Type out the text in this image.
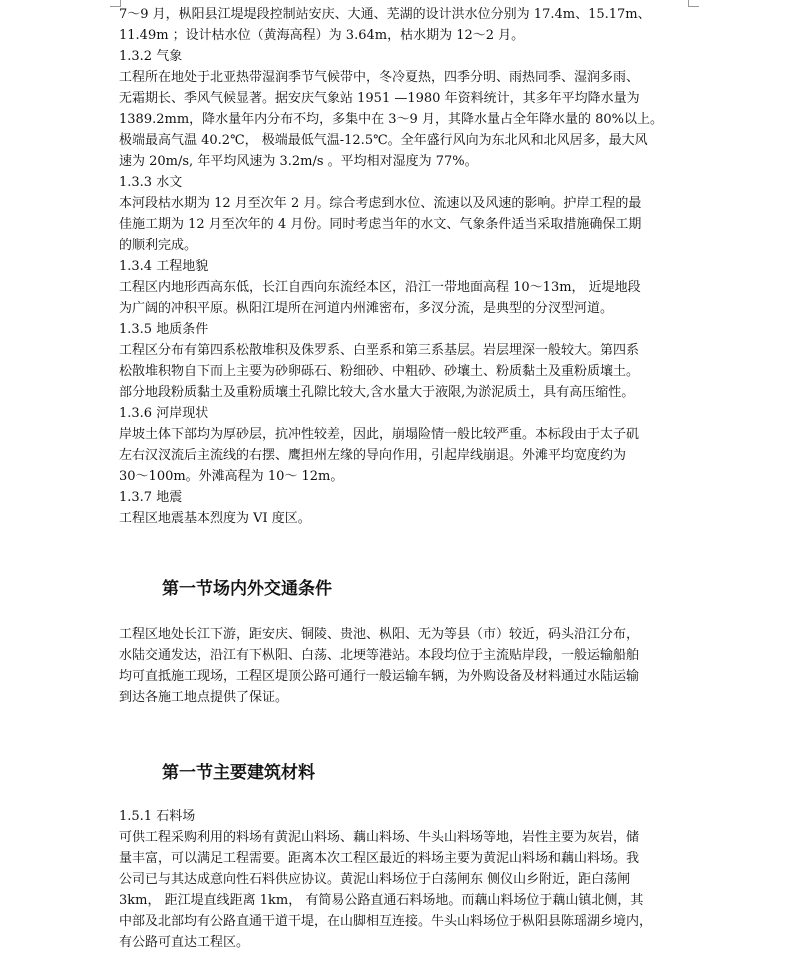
7～9 月，枞阳县江堤堤段控制站安庆、大通、芜湖的设计洪水位分别为 17.4m、15.17m、
11.49m ；设计枯水位（黄海高程）为 3.64m，枯水期为 12～2 月。
1.3.2 气象
工程所在地处于北亚热带湿润季节气候带中，冬冷夏热，四季分明、雨热同季、湿润多雨、
无霜期长、季风气候显著。据安庆气象站 1951 —1980 年资料统计，其多年平均降水量为
1389.2mm，降水量年内分布不均，多集中在 3～9 月，其降水量占全年降水量的 80%以上。
极端最高气温 40.2℃， 极端最低气温-12.5℃。全年盛行风向为东北风和北风居多，最大风
速为 20m/s, 年平均风速为 3.2m/s 。平均相对湿度为 77%。
1.3.3 水文
本河段枯水期为 12 月至次年 2 月。综合考虑到水位、流速以及风速的影响。护岸工程的最
佳施工期为 12 月至次年的 4 月份。同时考虑当年的水文、气象条件适当采取措施确保工期
的顺利完成。
1.3.4 工程地貌
工程区内地形西高东低，长江自西向东流经本区，沿江一带地面高程 10～13m， 近堤地段
为广阔的冲积平原。枞阳江堤所在河道内州滩密布，多汊分流，是典型的分汊型河道。
1.3.5 地质条件
工程区分布有第四系松散堆积及侏罗系、白垩系和第三系基层。岩层埋深一般较大。第四系
松散堆积物自下而上主要为砂卵砾石、粉细砂、中粗砂、砂壤土、粉质黏土及重粉质壤土。
部分地段粉质黏土及重粉质壤土孔隙比较大,含水量大于液限,为淤泥质土，具有高压缩性。
1.3.6 河岸现状
岸坡土体下部均为厚砂层，抗冲性较差，因此，崩塌险情一般比较严重。本标段由于太子矶
左右汉汊流后主流线的右摆、鹰担州左缘的导向作用，引起岸线崩退。外滩平均宽度约为
30～100m。外滩高程为 10～ 12m。
1.3.7 地震
工程区地震基本烈度为 VI 度区。
第一节场内外交通条件
工程区地处长江下游，距安庆、铜陵、贵池、枞阳、无为等县（市）较近，码头沿江分布，
水陆交通发达，沿江有下枞阳、白荡、北埂等港站。本段均位于主流贴岸段，一般运输船舶
均可直抵施工现场，工程区堤顶公路可通行一般运输车辆，为外购设备及材料通过水陆运输
到达各施工地点提供了保证。
第一节主要建筑材料
1.5.1 石料场
可供工程采购利用的料场有黄泥山料场、藕山料场、牛头山料场等地，岩性主要为灰岩，储
量丰富，可以满足工程需要。距离本次工程区最近的料场主要为黄泥山料场和藕山料场。我
公司已与其达成意向性石料供应协议。黄泥山料场位于白荡闸东 侧仪山乡附近，距白荡闸
3km， 距江堤直线距离 1km， 有简易公路直通石料场地。而藕山料场位于藕山镇北侧，其
中部及北部均有公路直通干道干堤，在山脚相互连接。牛头山料场位于枞阳县陈瑶湖乡境内，
有公路可直达工程区。
